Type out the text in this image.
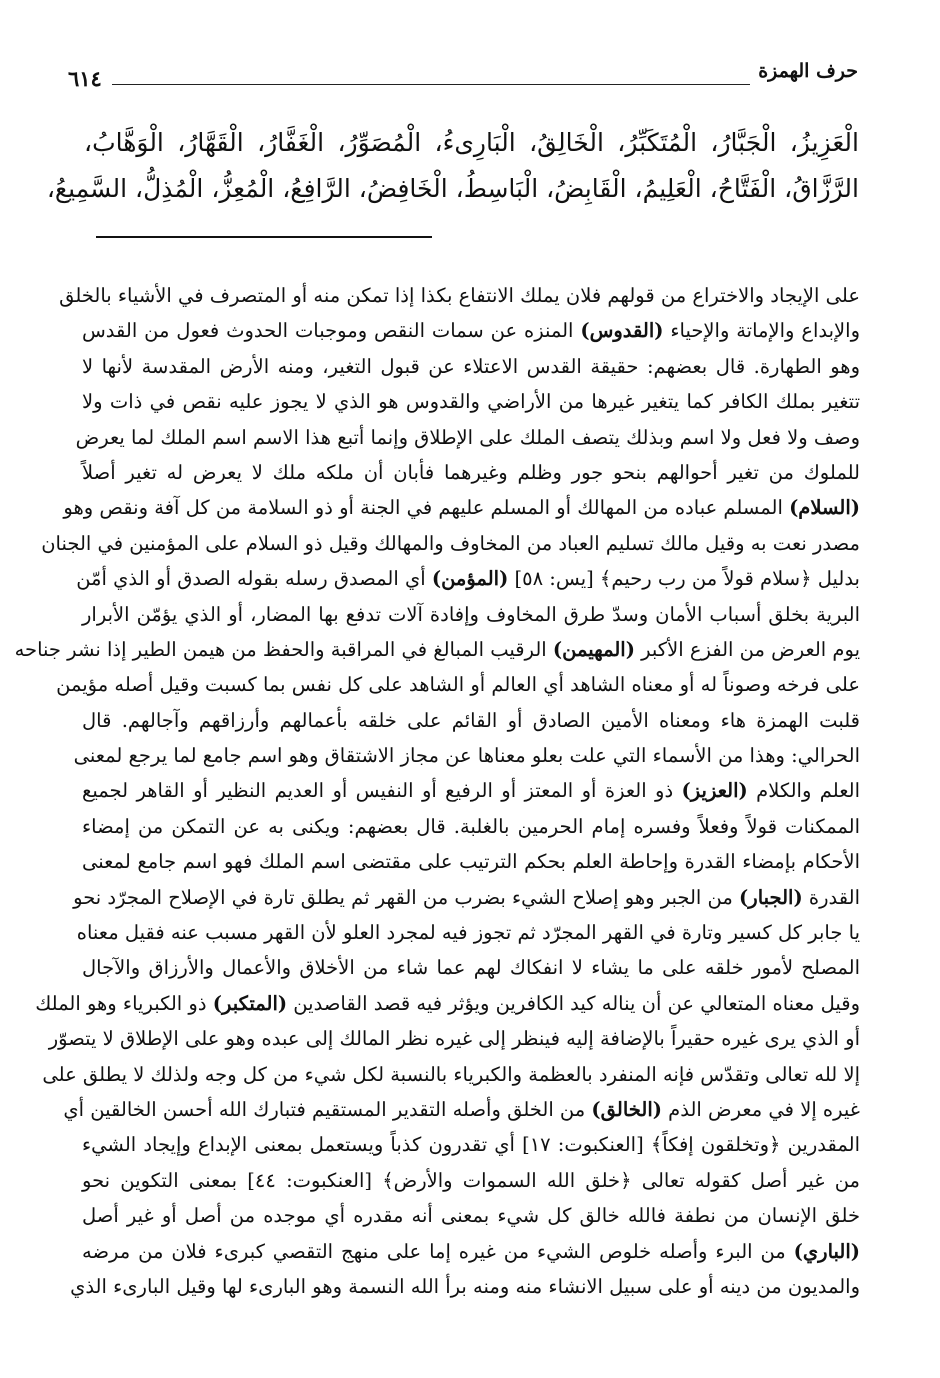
حرف الهمزة
٦١٤
الْعَزِيزُ، الْجَبَّارُ، الْمُتَكَبِّرُ، الْخَالِقُ، الْبَارِىءُ، الْمُصَوِّرُ، الْغَفَّارُ، الْقَهَّارُ، الْوَهَّابُ،
الرَّزَّاقُ، الْفَتَّاحُ، الْعَلِيمُ، الْقَابِضُ، الْبَاسِطُ، الْخَافِضُ، الرَّافِعُ، الْمُعِزُّ، الْمُذِلُّ، السَّمِيعُ،
على الإيجاد والاختراع من قولهم فلان يملك الانتفاع بكذا إذا تمكن منه أو المتصرف في الأشياء بالخلق
والإبداع والإماتة والإحياء (القدوس) المنزه عن سمات النقص وموجبات الحدوث فعول من القدس
وهو الطهارة. قال بعضهم: حقيقة القدس الاعتلاء عن قبول التغير، ومنه الأرض المقدسة لأنها لا
تتغير بملك الكافر كما يتغير غيرها من الأراضي والقدوس هو الذي لا يجوز عليه نقص في ذات ولا
وصف ولا فعل ولا اسم وبذلك يتصف الملك على الإطلاق وإنما أتبع هذا الاسم اسم الملك لما يعرض
للملوك من تغير أحوالهم بنحو جور وظلم وغيرهما فأبان أن ملكه ملك لا يعرض له تغير أصلاً
(السلام) المسلم عباده من المهالك أو المسلم عليهم في الجنة أو ذو السلامة من كل آفة ونقص وهو
مصدر نعت به وقيل مالك تسليم العباد من المخاوف والمهالك وقيل ذو السلام على المؤمنين في الجنان
بدليل ﴿سلام قولاً من رب رحيم﴾ [يس: ٥٨] (المؤمن) أي المصدق رسله بقوله الصدق أو الذي أمّن
البرية بخلق أسباب الأمان وسدّ طرق المخاوف وإفادة آلات تدفع بها المضار، أو الذي يؤمّن الأبرار
يوم العرض من الفزع الأكبر (المهيمن) الرقيب المبالغ في المراقبة والحفظ من هيمن الطير إذا نشر جناحه
على فرخه وصوناً له أو معناه الشاهد أي العالم أو الشاهد على كل نفس بما كسبت وقيل أصله مؤيمن
قلبت الهمزة هاء ومعناه الأمين الصادق أو القائم على خلقه بأعمالهم وأرزاقهم وآجالهم. قال
الحرالي: وهذا من الأسماء التي علت بعلو معناها عن مجاز الاشتقاق وهو اسم جامع لما يرجع لمعنى
العلم والكلام (العزيز) ذو العزة أو المعتز أو الرفيع أو النفيس أو العديم النظير أو القاهر لجميع
الممكنات قولاً وفعلاً وفسره إمام الحرمين بالغلبة. قال بعضهم: ويكنى به عن التمكن من إمضاء
الأحكام بإمضاء القدرة وإحاطة العلم بحكم الترتيب على مقتضى اسم الملك فهو اسم جامع لمعنى
القدرة (الجبار) من الجبر وهو إصلاح الشيء بضرب من القهر ثم يطلق تارة في الإصلاح المجرّد نحو
يا جابر كل كسير وتارة في القهر المجرّد ثم تجوز فيه لمجرد العلو لأن القهر مسبب عنه فقيل معناه
المصلح لأمور خلقه على ما يشاء لا انفكاك لهم عما شاء من الأخلاق والأعمال والأرزاق والآجال
وقيل معناه المتعالي عن أن يناله كيد الكافرين ويؤثر فيه قصد القاصدين (المتكبر) ذو الكبرياء وهو الملك
أو الذي يرى غيره حقيراً بالإضافة إليه فينظر إلى غيره نظر المالك إلى عبده وهو على الإطلاق لا يتصوّر
إلا لله تعالى وتقدّس فإنه المنفرد بالعظمة والكبرياء بالنسبة لكل شيء من كل وجه ولذلك لا يطلق على
غيره إلا في معرض الذم (الخالق) من الخلق وأصله التقدير المستقيم فتبارك الله أحسن الخالقين أي
المقدرين ﴿وتخلقون إفكاً﴾ [العنكبوت: ١٧] أي تقدرون كذباً ويستعمل بمعنى الإبداع وإيجاد الشيء
من غير أصل كقوله تعالى ﴿خلق الله السموات والأرض﴾ [العنكبوت: ٤٤] بمعنى التكوين نحو
خلق الإنسان من نطفة فالله خالق كل شيء بمعنى أنه مقدره أي موجده من أصل أو غير أصل
(الباري) من البرء وأصله خلوص الشيء من غيره إما على منهج التقصي كبرىء فلان من مرضه
والمديون من دينه أو على سبيل الانشاء منه ومنه برأ الله النسمة وهو البارىء لها وقيل البارىء الذي
